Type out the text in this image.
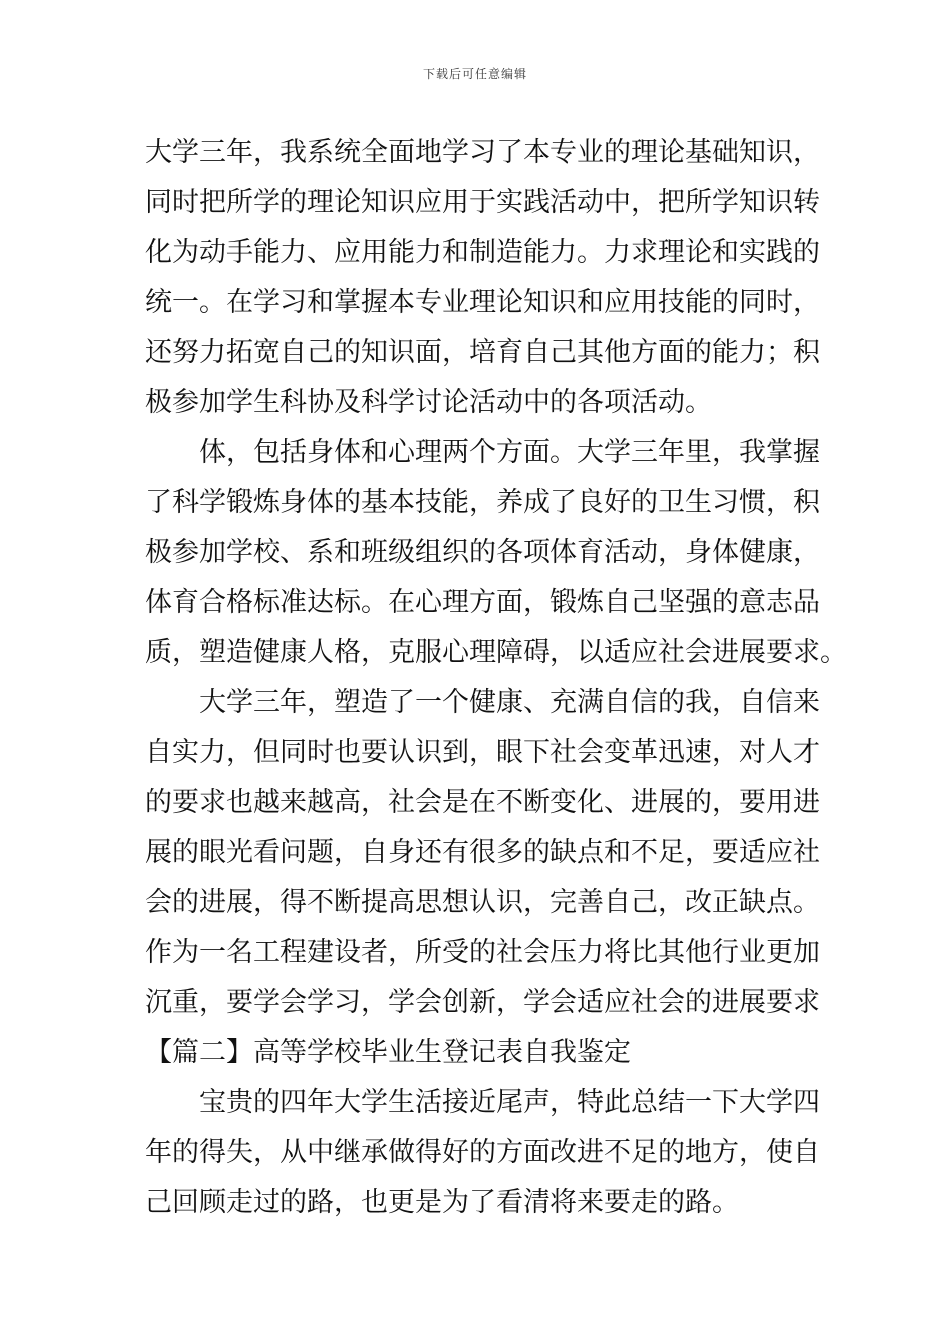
下载后可任意编辑
大学三年，我系统全面地学习了本专业的理论基础知识，
同时把所学的理论知识应用于实践活动中，把所学知识转
化为动手能力、应用能力和制造能力。力求理论和实践的
统一。在学习和掌握本专业理论知识和应用技能的同时，
还努力拓宽自己的知识面，培育自己其他方面的能力；积
极参加学生科协及科学讨论活动中的各项活动。
体，包括身体和心理两个方面。大学三年里，我掌握
了科学锻炼身体的基本技能，养成了良好的卫生习惯，积
极参加学校、系和班级组织的各项体育活动，身体健康，
体育合格标准达标。在心理方面，锻炼自己坚强的意志品
质，塑造健康人格，克服心理障碍，以适应社会进展要求。
大学三年，塑造了一个健康、充满自信的我，自信来
自实力，但同时也要认识到，眼下社会变革迅速，对人才
的要求也越来越高，社会是在不断变化、进展的，要用进
展的眼光看问题，自身还有很多的缺点和不足，要适应社
会的进展，得不断提高思想认识，完善自己，改正缺点。
作为一名工程建设者，所受的社会压力将比其他行业更加
沉重，要学会学习，学会创新，学会适应社会的进展要求
【篇二】高等学校毕业生登记表自我鉴定
宝贵的四年大学生活接近尾声，特此总结一下大学四
年的得失，从中继承做得好的方面改进不足的地方，使自
己回顾走过的路，也更是为了看清将来要走的路。
